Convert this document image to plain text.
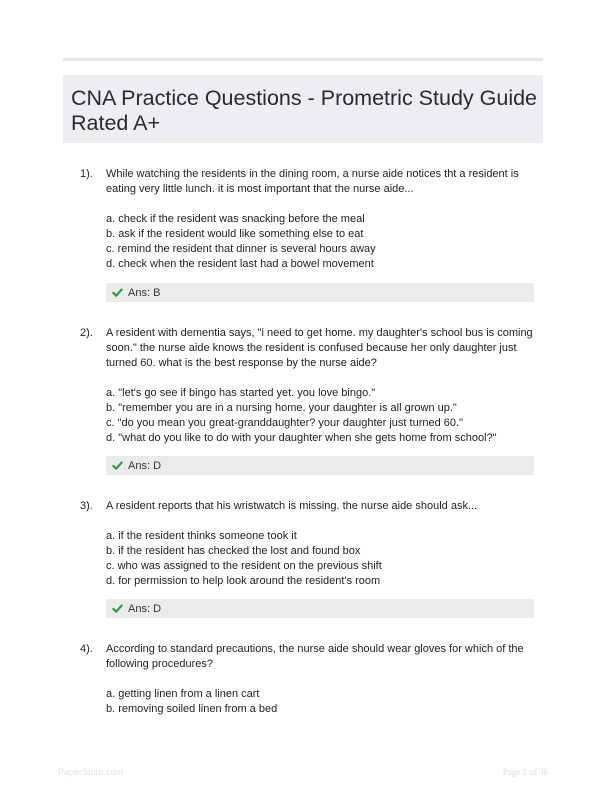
CNA Practice Questions - Prometric Study Guide Rated A+
1). While watching the residents in the dining room, a nurse aide notices tht a resident is eating very little lunch. it is most important that the nurse aide...
a. check if the resident was snacking before the meal
b. ask if the resident would like something else to eat
c. remind the resident that dinner is several hours away
d. check when the resident last had a bowel movement
Ans: B
2). A resident with dementia says, "i need to get home. my daughter's school bus is coming soon." the nurse aide knows the resident is confused because her only daughter just turned 60. what is the best response by the nurse aide?
a. "let's go see if bingo has started yet. you love bingo."
b. "remember you are in a nursing home. your daughter is all grown up."
c. "do you mean you great-granddaughter? your daughter just turned 60."
d. "what do you like to do with your daughter when she gets home from school?"
Ans: D
3). A resident reports that his wristwatch is missing. the nurse aide should ask...
a. if the resident thinks someone took it
b. if the resident has checked the lost and found box
c. who was assigned to the resident on the previous shift
d. for permission to help look around the resident's room
Ans: D
4). According to standard precautions, the nurse aide should wear gloves for which of the following procedures?
a. getting linen from a linen cart
b. removing soiled linen from a bed
PaperStore.com	Page 1 of 36
